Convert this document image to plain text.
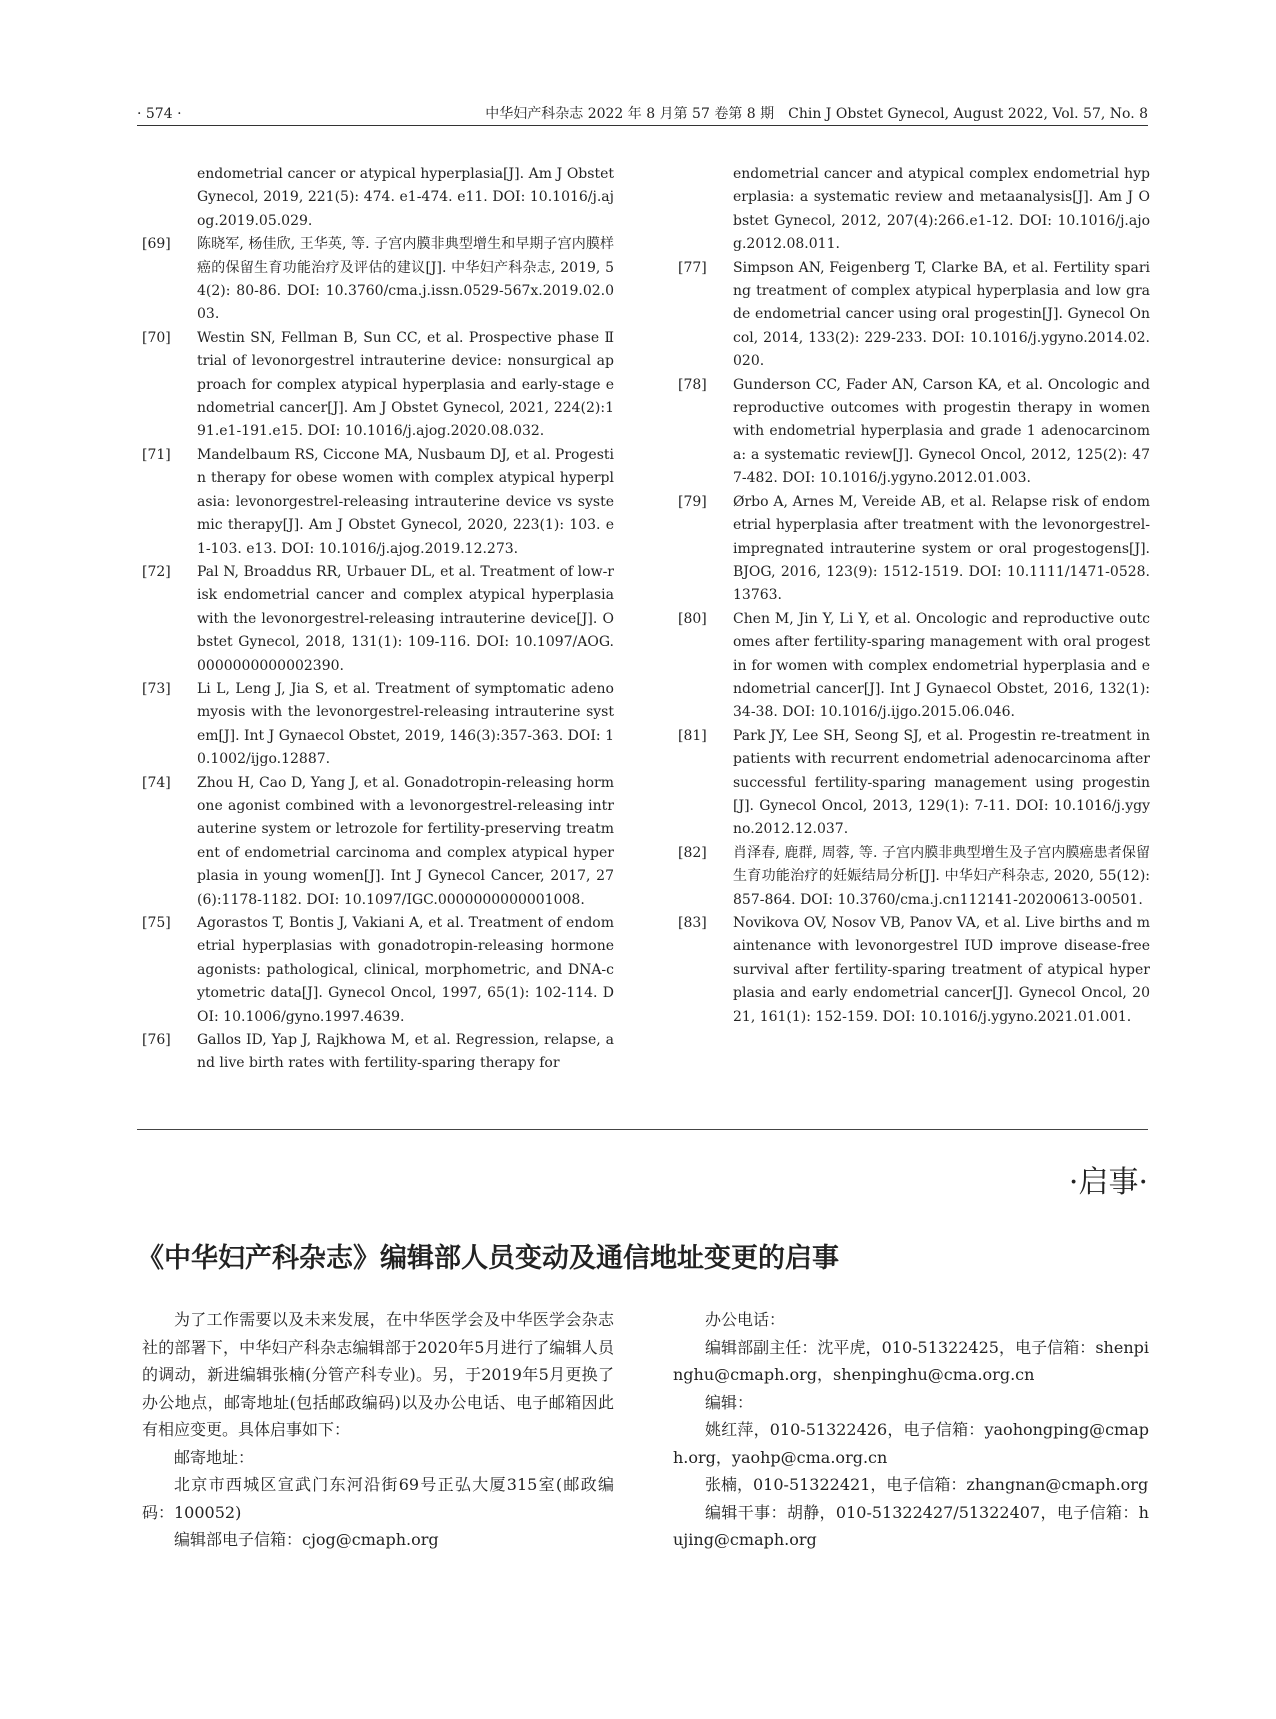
· 574 ·	中华妇产科杂志 2022 年 8 月第 57 卷第 8 期　Chin J Obstet Gynecol, August 2022, Vol. 57, No. 8
endometrial cancer or atypical hyperplasia[J]. Am J Obstet Gynecol, 2019, 221(5): 474. e1-474. e11. DOI: 10.1016/j.ajog.2019.05.029.
[69] 陈晓军, 杨佳欣, 王华英, 等. 子宫内膜非典型增生和早期子宫内膜样癌的保留生育功能治疗及评估的建议[J]. 中华妇产科杂志, 2019, 54(2): 80-86. DOI: 10.3760/cma.j.issn.0529-567x.2019.02.003.
[70] Westin SN, Fellman B, Sun CC, et al. Prospective phase Ⅱ trial of levonorgestrel intrauterine device: nonsurgical approach for complex atypical hyperplasia and early-stage endometrial cancer[J]. Am J Obstet Gynecol, 2021, 224(2):191.e1-191.e15. DOI: 10.1016/j.ajog.2020.08.032.
[71] Mandelbaum RS, Ciccone MA, Nusbaum DJ, et al. Progestin therapy for obese women with complex atypical hyperplasia: levonorgestrel-releasing intrauterine device vs systemic therapy[J]. Am J Obstet Gynecol, 2020, 223(1): 103. e1-103. e13. DOI: 10.1016/j.ajog.2019.12.273.
[72] Pal N, Broaddus RR, Urbauer DL, et al. Treatment of low-risk endometrial cancer and complex atypical hyperplasia with the levonorgestrel-releasing intrauterine device[J]. Obstet Gynecol, 2018, 131(1): 109-116. DOI: 10.1097/AOG.0000000000002390.
[73] Li L, Leng J, Jia S, et al. Treatment of symptomatic adenomyosis with the levonorgestrel-releasing intrauterine system[J]. Int J Gynaecol Obstet, 2019, 146(3):357-363. DOI: 10.1002/ijgo.12887.
[74] Zhou H, Cao D, Yang J, et al. Gonadotropin-releasing hormone agonist combined with a levonorgestrel-releasing intrauterine system or letrozole for fertility-preserving treatment of endometrial carcinoma and complex atypical hyperplasia in young women[J]. Int J Gynecol Cancer, 2017, 27(6):1178-1182. DOI: 10.1097/IGC.0000000000001008.
[75] Agorastos T, Bontis J, Vakiani A, et al. Treatment of endometrial hyperplasias with gonadotropin-releasing hormone agonists: pathological, clinical, morphometric, and DNA-cytometric data[J]. Gynecol Oncol, 1997, 65(1): 102-114. DOI: 10.1006/gyno.1997.4639.
[76] Gallos ID, Yap J, Rajkhowa M, et al. Regression, relapse, and live birth rates with fertility-sparing therapy for
endometrial cancer and atypical complex endometrial hyperplasia: a systematic review and metaanalysis[J]. Am J Obstet Gynecol, 2012, 207(4):266.e1-12. DOI: 10.1016/j.ajog.2012.08.011.
[77] Simpson AN, Feigenberg T, Clarke BA, et al. Fertility sparing treatment of complex atypical hyperplasia and low grade endometrial cancer using oral progestin[J]. Gynecol Oncol, 2014, 133(2): 229-233. DOI: 10.1016/j.ygyno.2014.02.020.
[78] Gunderson CC, Fader AN, Carson KA, et al. Oncologic and reproductive outcomes with progestin therapy in women with endometrial hyperplasia and grade 1 adenocarcinoma: a systematic review[J]. Gynecol Oncol, 2012, 125(2): 477-482. DOI: 10.1016/j.ygyno.2012.01.003.
[79] Ørbo A, Arnes M, Vereide AB, et al. Relapse risk of endometrial hyperplasia after treatment with the levonorgestrel-impregnated intrauterine system or oral progestogens[J]. BJOG, 2016, 123(9): 1512-1519. DOI: 10.1111/1471-0528.13763.
[80] Chen M, Jin Y, Li Y, et al. Oncologic and reproductive outcomes after fertility-sparing management with oral progestin for women with complex endometrial hyperplasia and endometrial cancer[J]. Int J Gynaecol Obstet, 2016, 132(1): 34-38. DOI: 10.1016/j.ijgo.2015.06.046.
[81] Park JY, Lee SH, Seong SJ, et al. Progestin re-treatment in patients with recurrent endometrial adenocarcinoma after successful fertility-sparing management using progestin[J]. Gynecol Oncol, 2013, 129(1): 7-11. DOI: 10.1016/j.ygyno.2012.12.037.
[82] 肖泽春, 鹿群, 周蓉, 等. 子宫内膜非典型增生及子宫内膜癌患者保留生育功能治疗的妊娠结局分析[J]. 中华妇产科杂志, 2020, 55(12): 857-864. DOI: 10.3760/cma.j.cn112141-20200613-00501.
[83] Novikova OV, Nosov VB, Panov VA, et al. Live births and maintenance with levonorgestrel IUD improve disease-free survival after fertility-sparing treatment of atypical hyperplasia and early endometrial cancer[J]. Gynecol Oncol, 2021, 161(1): 152-159. DOI: 10.1016/j.ygyno.2021.01.001.
·启事·
《中华妇产科杂志》编辑部人员变动及通信地址变更的启事

为了工作需要以及未来发展，在中华医学会及中华医学会杂志社的部署下，中华妇产科杂志编辑部于2020年5月进行了编辑人员的调动，新进编辑张楠(分管产科专业)。另，于2019年5月更换了办公地点，邮寄地址(包括邮政编码)以及办公电话、电子邮箱因此有相应变更。具体启事如下：

邮寄地址：

北京市西城区宣武门东河沿街69号正弘大厦315室(邮政编码：100052)

编辑部电子信箱：cjog@cmaph.org

办公电话：

编辑部副主任：沈平虎，010-51322425，电子信箱：shenpinghu@cmaph.org，shenpinghu@cma.org.cn

编辑：

姚红萍，010-51322426，电子信箱：yaohongping@cmaph.org，yaohp@cma.org.cn

张楠，010-51322421，电子信箱：zhangnan@cmaph.org

编辑干事：胡静，010-51322427/51322407，电子信箱：hujing@cmaph.org
